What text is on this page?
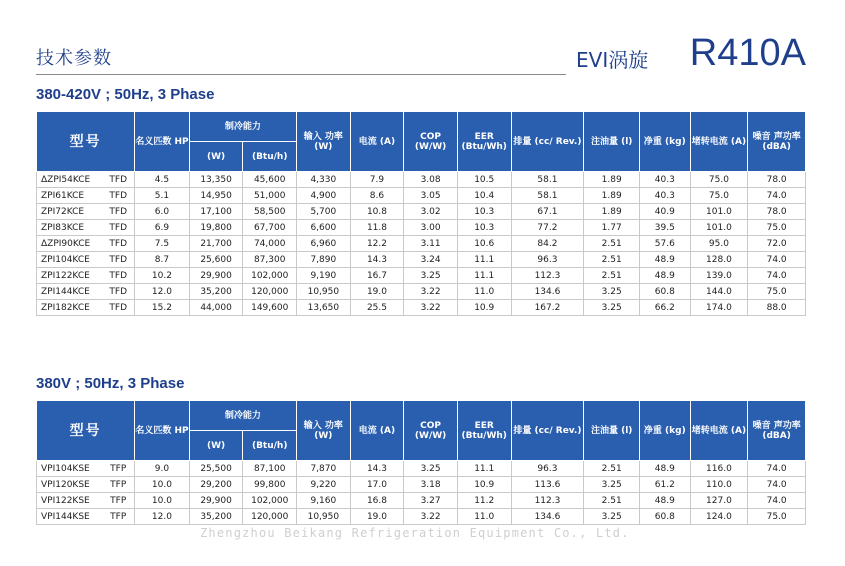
技术参数	EVI涡旋 R410A
380-420V ; 50Hz, 3 Phase
型号		名义匹数 HP	制冷能力		输入 功率 (W)	电流 (A)	COP (W/W)	EER (Btu/Wh)	排量 (cc/ Rev.)	注油量 (l)	净重 (kg)	堵转电流 (A)	噪音 声功率 (dBA)
			(W)	(Btu/h)									
ΔZPI54KCE	TFD	4.5	13,350	45,600	4,330	7.9	3.08	10.5	58.1	1.89	40.3	75.0	78.0
ZPI61KCE	TFD	5.1	14,950	51,000	4,900	8.6	3.05	10.4	58.1	1.89	40.3	75.0	74.0
ZPI72KCE	TFD	6.0	17,100	58,500	5,700	10.8	3.02	10.3	67.1	1.89	40.9	101.0	78.0
ZPI83KCE	TFD	6.9	19,800	67,700	6,600	11.8	3.00	10.3	77.2	1.77	39.5	101.0	75.0
ΔZPI90KCE	TFD	7.5	21,700	74,000	6,960	12.2	3.11	10.6	84.2	2.51	57.6	95.0	72.0
ZPI104KCE	TFD	8.7	25,600	87,300	7,890	14.3	3.24	11.1	96.3	2.51	48.9	128.0	74.0
ZPI122KCE	TFD	10.2	29,900	102,000	9,190	16.7	3.25	11.1	112.3	2.51	48.9	139.0	74.0
ZPI144KCE	TFD	12.0	35,200	120,000	10,950	19.0	3.22	11.0	134.6	3.25	60.8	144.0	75.0
ZPI182KCE	TFD	15.2	44,000	149,600	13,650	25.5	3.22	10.9	167.2	3.25	66.2	174.0	88.0
380V ; 50Hz, 3 Phase
型号		名义匹数 HP	制冷能力		输入 功率 (W)	电流 (A)	COP (W/W)	EER (Btu/Wh)	排量 (cc/ Rev.)	注油量 (l)	净重 (kg)	堵转电流 (A)	噪音 声功率 (dBA)
			(W)	(Btu/h)									
VPI104KSE	TFP	9.0	25,500	87,100	7,870	14.3	3.25	11.1	96.3	2.51	48.9	116.0	74.0
VPI120KSE	TFP	10.0	29,200	99,800	9,220	17.0	3.18	10.9	113.6	3.25	61.2	110.0	74.0
VPI122KSE	TFP	10.0	29,900	102,000	9,160	16.8	3.27	11.2	112.3	2.51	48.9	127.0	74.0
VPI144KSE	TFP	12.0	35,200	120,000	10,950	19.0	3.22	11.0	134.6	3.25	60.8	124.0	75.0
Zhengzhou Beikang Refrigeration Equipment Co., Ltd.
